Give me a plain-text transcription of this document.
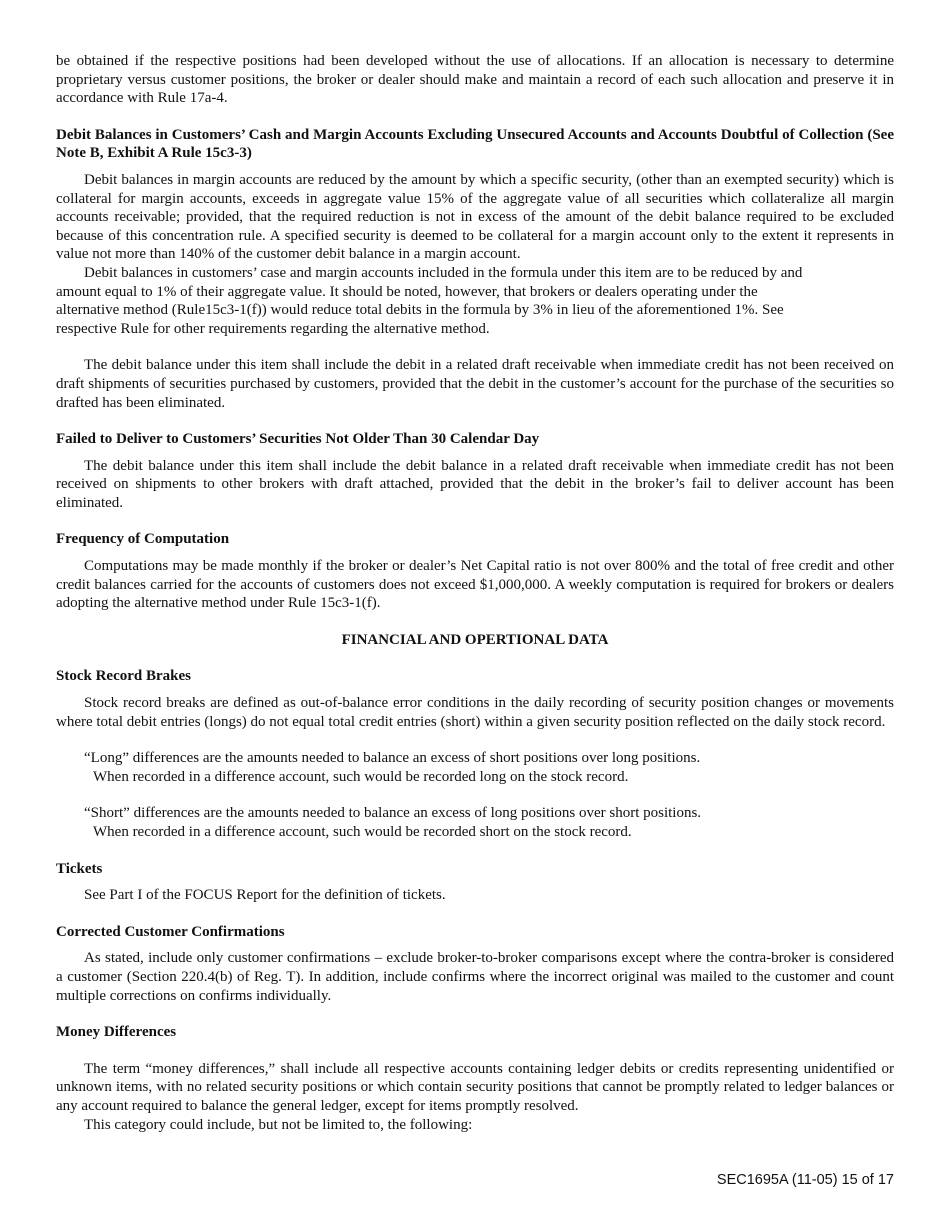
be obtained if the respective positions had been developed without the use of allocations. If an allocation is necessary to determine proprietary versus customer positions, the broker or dealer should make and maintain a record of each such allocation and preserve it in accordance with Rule 17a-4.

Debit Balances in Customers’ Cash and Margin Accounts Excluding Unsecured Accounts and Accounts Doubtful of Collection (See Note B, Exhibit A Rule 15c3-3)

Debit balances in margin accounts are reduced by the amount by which a specific security, (other than an exempted security) which is collateral for margin accounts, exceeds in aggregate value 15% of the aggregate value of all securities which collateralize all margin accounts receivable; provided, that the required reduction is not in excess of the amount of the debit balance required to be excluded because of this concentration rule. A specified security is deemed to be collateral for a margin account only to the extent it represents in value not more than 140% of the customer debit balance in a margin account.

Debit balances in customers’ case and margin accounts included in the formula under this item are to be reduced by and

amount equal to 1% of their aggregate value. It should be noted, however, that brokers or dealers operating under the

alternative method (Rule15c3-1(f)) would reduce total debits in the formula by 3% in lieu of the aforementioned 1%. See

respective Rule for other requirements regarding the alternative method.

The debit balance under this item shall include the debit in a related draft receivable when immediate credit has not been received on draft shipments of securities purchased by customers, provided that the debit in the customer’s account for the purchase of the securities so drafted has been eliminated.

Failed to Deliver to Customers’ Securities Not Older Than 30 Calendar Day

The debit balance under this item shall include the debit balance in a related draft receivable when immediate credit has not been received on shipments to other brokers with draft attached, provided that the debit in the broker’s fail to deliver account has been eliminated.

Frequency of Computation

Computations may be made monthly if the broker or dealer’s Net Capital ratio is not over 800% and the total of free credit and other credit balances carried for the accounts of customers does not exceed $1,000,000. A weekly computation is required for brokers or dealers adopting the alternative method under Rule 15c3-1(f).

FINANCIAL AND OPERTIONAL DATA

Stock Record Brakes

Stock record breaks are defined as out-of-balance error conditions in the daily recording of security position changes or movements where total debit entries (longs) do not equal total credit entries (short) within a given security position reflected on the daily stock record.

“Long” differences are the amounts needed to balance an excess of short positions over long positions.
When recorded in a difference account, such would be recorded long on the stock record.

“Short” differences are the amounts needed to balance an excess of long positions over short positions.
When recorded in a difference account, such would be recorded short on the stock record.

Tickets

See Part I of the FOCUS Report for the definition of tickets.

Corrected Customer Confirmations

As stated, include only customer confirmations – exclude broker-to-broker comparisons except where the contra-broker is considered a customer (Section 220.4(b) of Reg. T). In addition, include confirms where the incorrect original was mailed to the customer and count multiple corrections on confirms individually.

Money Differences

The term “money differences,” shall include all respective accounts containing ledger debits or credits representing unidentified or unknown items, with no related security positions or which contain security positions that cannot be promptly related to ledger balances or any account required to balance the general ledger, except for items promptly resolved.

This category could include, but not be limited to, the following:

SEC1695A (11-05) 15 of 17
